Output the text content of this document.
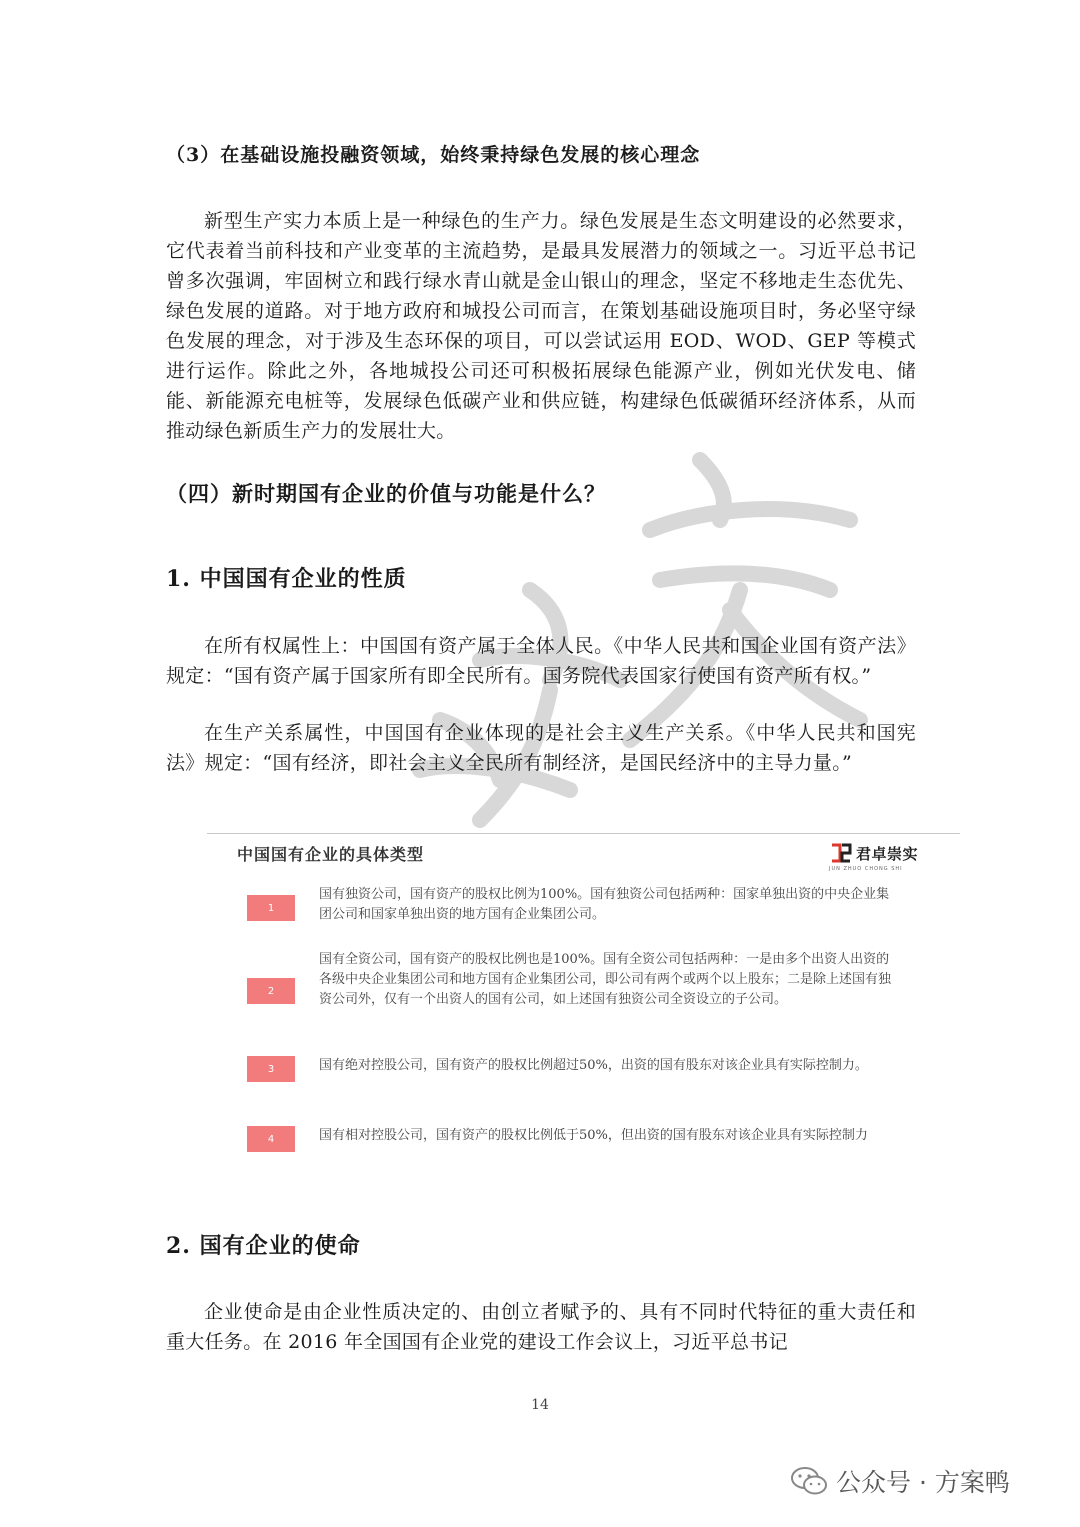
（3）在基础设施投融资领域，始终秉持绿色发展的核心理念

新型生产实力本质上是一种绿色的生产力。绿色发展是生态文明建设的必然要求，它代表着当前科技和产业变革的主流趋势，是最具发展潜力的领域之一。习近平总书记曾多次强调，牢固树立和践行绿水青山就是金山银山的理念，坚定不移地走生态优先、绿色发展的道路。对于地方政府和城投公司而言，在策划基础设施项目时，务必坚守绿色发展的理念，对于涉及生态环保的项目，可以尝试运用 EOD、WOD、GEP 等模式进行运作。除此之外，各地城投公司还可积极拓展绿色能源产业，例如光伏发电、储能、新能源充电桩等，发展绿色低碳产业和供应链，构建绿色低碳循环经济体系，从而推动绿色新质生产力的发展壮大。

（四）新时期国有企业的价值与功能是什么？
1. 中国国有企业的性质

在所有权属性上：中国国有资产属于全体人民。《中华人民共和国企业国有资产法》规定：“国有资产属于国家所有即全民所有。国务院代表国家行使国有资产所有权。”

在生产关系属性，中国国有企业体现的是社会主义生产关系。《中华人民共和国宪法》规定：“国有经济，即社会主义全民所有制经济，是国民经济中的主导力量。”

中国国有企业的具体类型	君卓崇实
JUN ZHUO CHONG SHI
1
国有独资公司，国有资产的股权比例为100%。国有独资公司包括两种：国家单独出资的中央企业集团公司和国家单独出资的地方国有企业集团公司。
2
国有全资公司，国有资产的股权比例也是100%。国有全资公司包括两种：一是由多个出资人出资的各级中央企业集团公司和地方国有企业集团公司，即公司有两个或两个以上股东；二是除上述国有独资公司外，仅有一个出资人的国有公司，如上述国有独资公司全资设立的子公司。
3	国有绝对控股公司，国有资产的股权比例超过50%，出资的国有股东对该企业具有实际控制力。
4	国有相对控股公司，国有资产的股权比例低于50%，但出资的国有股东对该企业具有实际控制力
2. 国有企业的使命

企业使命是由企业性质决定的、由创立者赋予的、具有不同时代特征的重大责任和重大任务。在 2016 年全国国有企业党的建设工作会议上，习近平总书记

14
公众号 · 方案鸭
